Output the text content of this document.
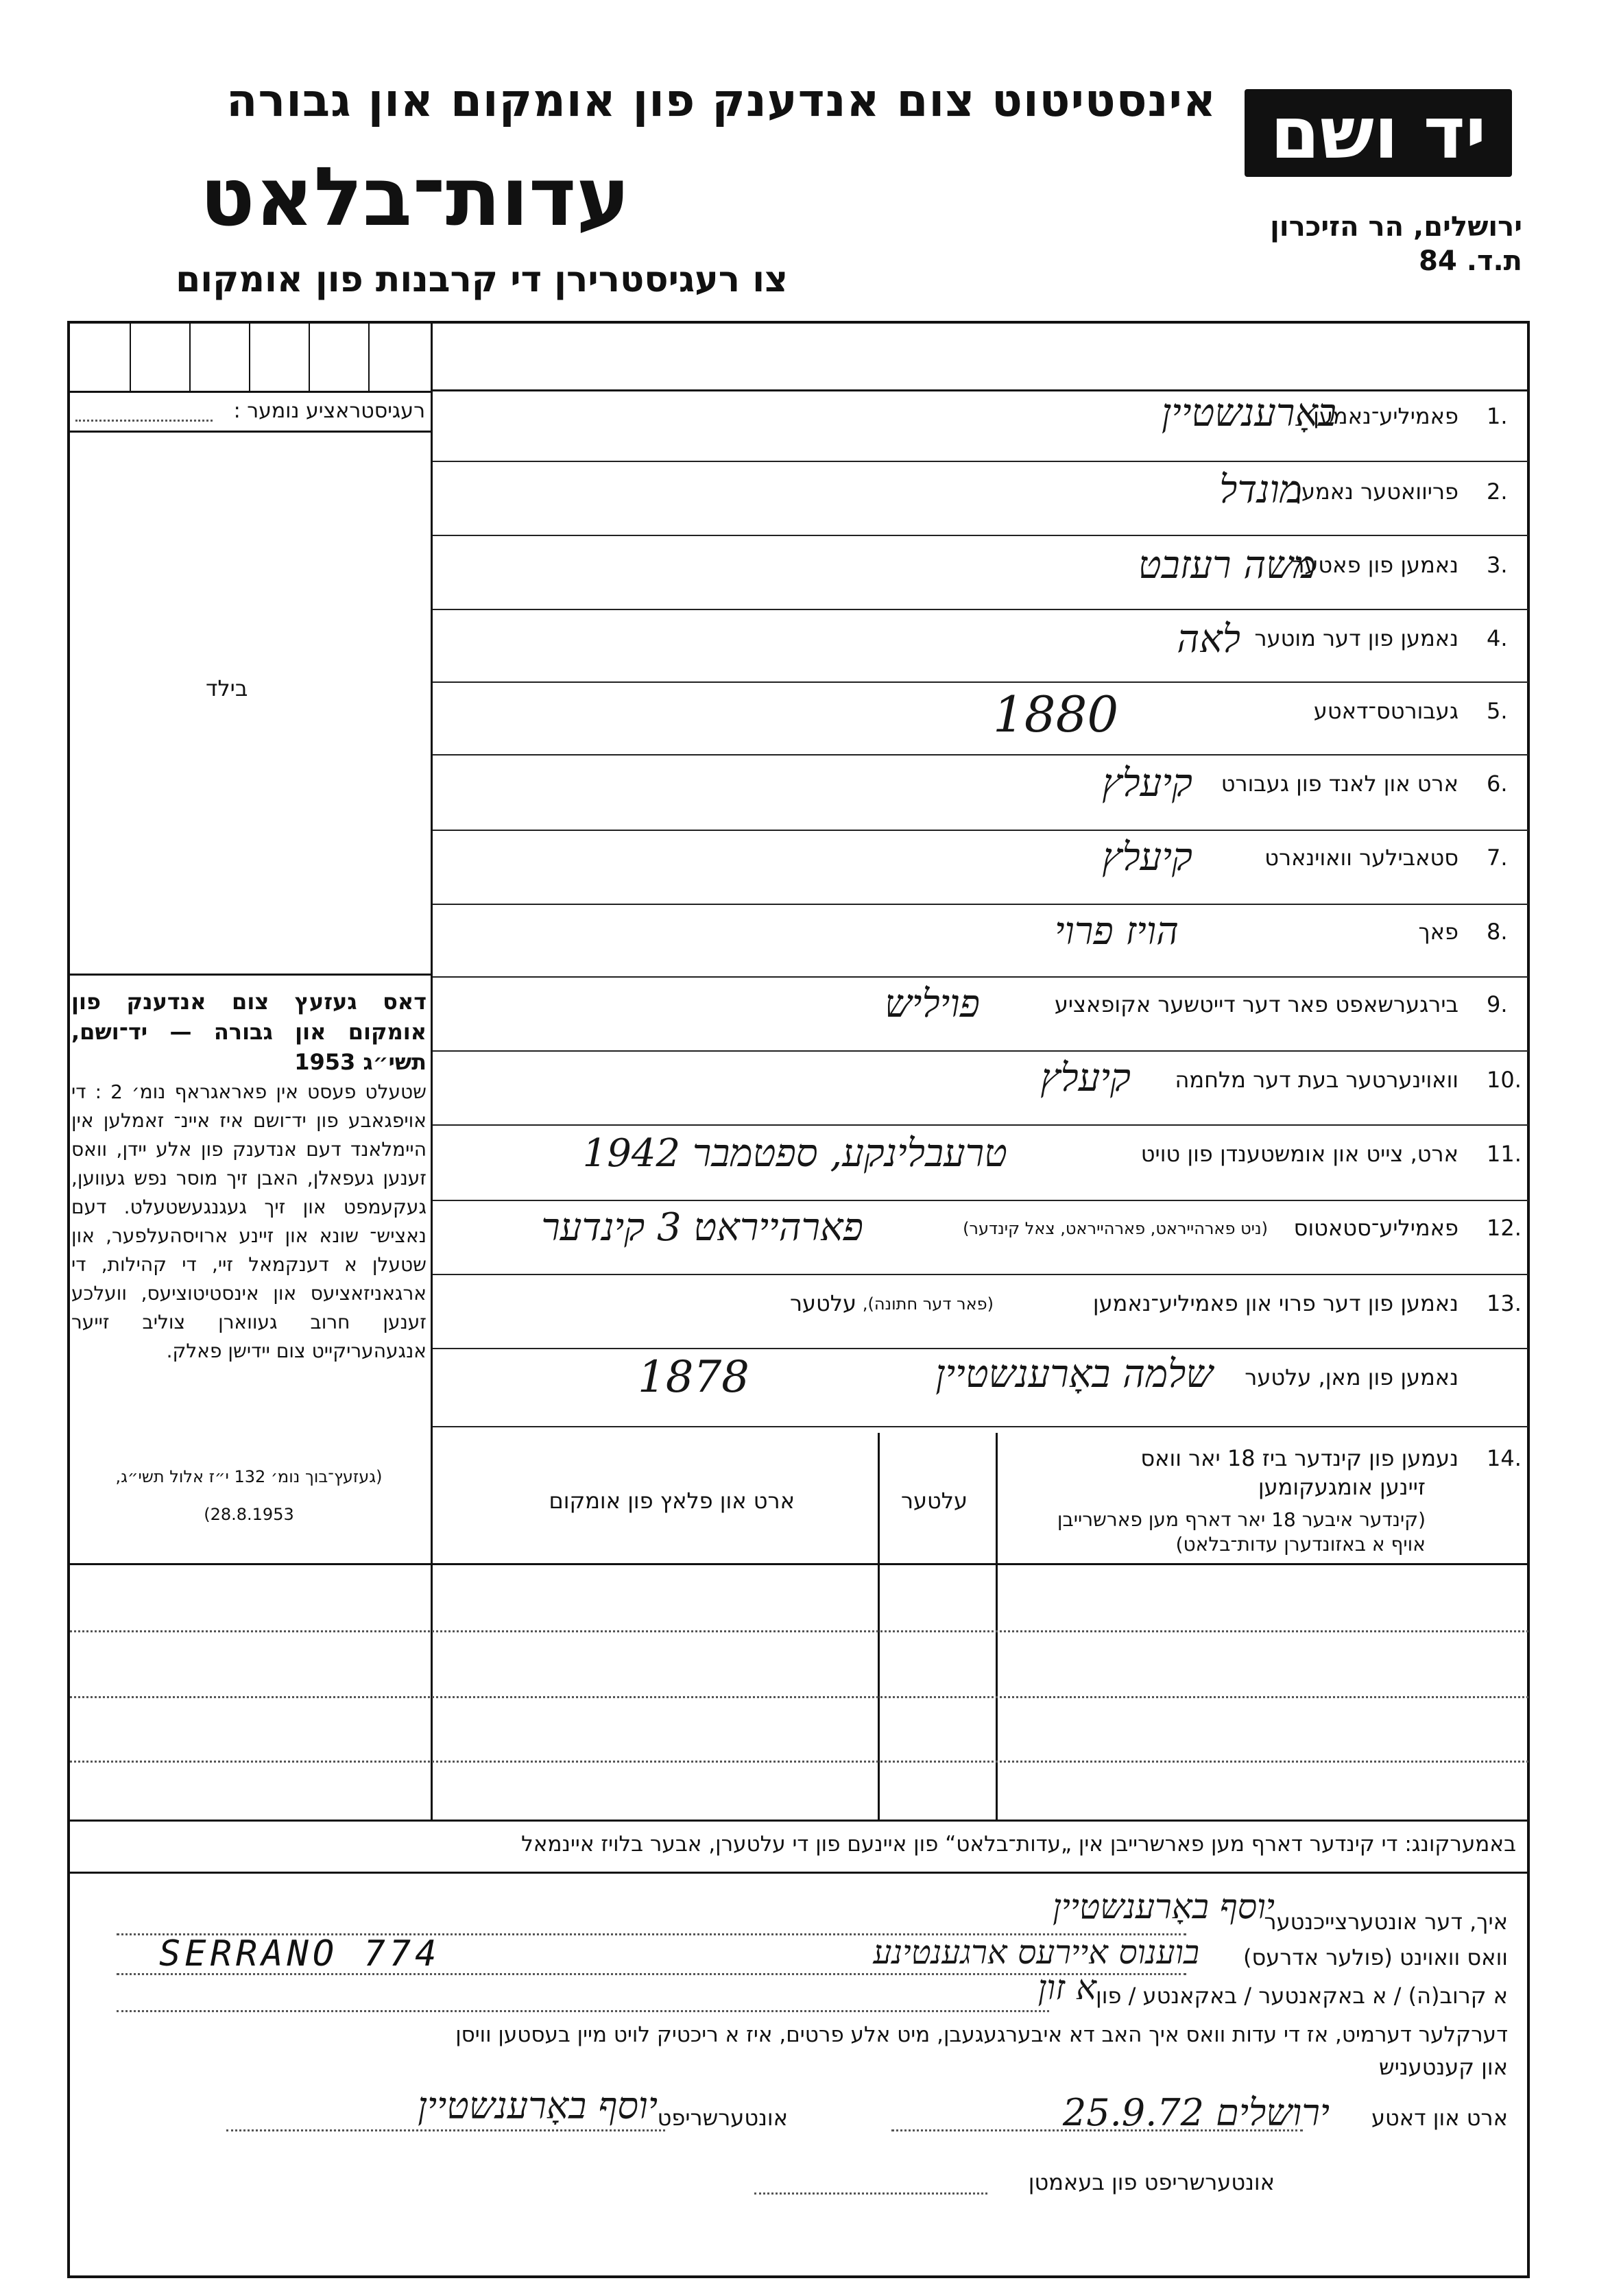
אינסטיטוט צום אנדענק פון אומקום און גבורה
עדות־בלאט
צו רעגיסטרירן די קרבנות פון אומקום
יד ושם
ירושלים, הר הזיכרון
ת.ד. 84
רעגיסטראציע נומער :
בילד
דאס געזעץ צום אנדענק פון אומקום און גבורה — יד־ושם, תשי״ג 1953
שטעלט פעסט אין פאראגראף נומ׳ 2 : די אויפגאבע פון יד־ושם איז איינ־ זאמלען אין היימלאנד דעם אנדענק פון אלע יידן, וואס זענען געפאלן, האבן זיך מוסר נפש געווען, געקעמפט און זיך געגנגעשטעלט. דעם נאציש־ שונא און זיינע ארויסהעלפער, און שטעלן א דענקמאל זיי, די קהילות, די ארגאניזאציעס און אינסטיטוציעס, וועלכע זענען חרוב געווארן צוליב זייער אנגעהעריקייט צום יידישן פאלק.
(געזעץ־בוך נומ׳ 132 י״ז אלול תשי״ג,
(28.8.1953
1.
פאמיליע־נאמען
באָרענשטיין
2.
פריוואטער נאמען
מונדל
3.
נאמען פון פאטער
משה רעזבט
4.
נאמען פון דער מוטער
לאה
5.
געבורטס־דאטע
1880
6.
ארט און לאנד פון געבורט
קיעלץ
7.
סטאבילער וואוינארט
קיעלץ
8.
פאך
הויז פרוי
9.
בירגערשאפט פאר דער דייטשער אקופאציע
פויליש
10.
וואוינערטער בעת דער מלחמה
קיעלץ
11.
ארט, צייט און אומשטענדן פון טויט
טרעבלינקע, ספטמבר 1942
12.
פאמיליע־סטאטוס
(ניט פארהייראט, פארהייראט, צאל קינדער)
פארהייראט 3 קינדער
13.
נאמען פון דער פרוי און פאמיליע־נאמען
(פאר דער חתונה),
עלטער
נאמען פון מאן, עלטער
שלמה באָרענשטיין
1878
14.
נעמען פון קינדער ביז 18 יאר וואס
זיינען אומגעקומען
(קינדער איבער 18 יאר דארף מען פארשרייבן
אויף א באזונדערן עדות־בלאט)
עלטער
ארט און פלאץ פון אומקום
באמערקונג: די קינדער דארף מען פארשרייבן אין „עדות־בלאט“ פון איינעם פון די עלטערן, אבער בלויז איינמאל
איך, דער אונטערצייכנטער
יוסף באָרענשטיין
וואס וואוינט (פולער אדרעס)
בוענוס איירעס ארגענטינע
SERRANO 774
א קרוב(ה) / א באקאנטער / באקאנטע / פון
א זון
דערקלער דערמיט, אז די עדות וואס איך האב דא איבערגעגעבן, מיט אלע פרטים, איז א ריכטיק לויט מיין בעסטען וויסן
און קענטעניש
ארט און דאטע
ירושלים 25.9.72
אונטערשריפט
יוסף באָרענשטיין
אונטערשריפט פון בעאמטן
